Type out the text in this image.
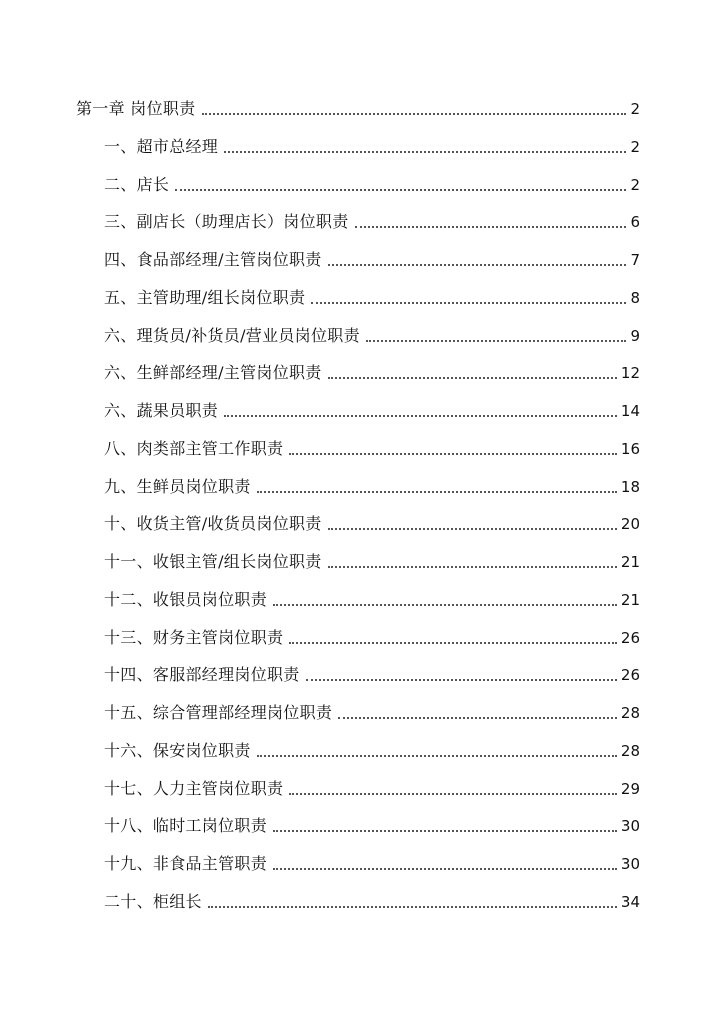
第一章 岗位职责	2
一、超市总经理	2
二、店长	2
三、副店长（助理店长）岗位职责	6
四、食品部经理/主管岗位职责	7
五、主管助理/组长岗位职责	8
六、理货员/补货员/营业员岗位职责	9
六、生鲜部经理/主管岗位职责	12
六、蔬果员职责	14
八、肉类部主管工作职责	16
九、生鲜员岗位职责	18
十、收货主管/收货员岗位职责	20
十一、收银主管/组长岗位职责	21
十二、收银员岗位职责	21
十三、财务主管岗位职责	26
十四、客服部经理岗位职责	26
十五、综合管理部经理岗位职责	28
十六、保安岗位职责	28
十七、人力主管岗位职责	29
十八、临时工岗位职责	30
十九、非食品主管职责	30
二十、柜组长	34
